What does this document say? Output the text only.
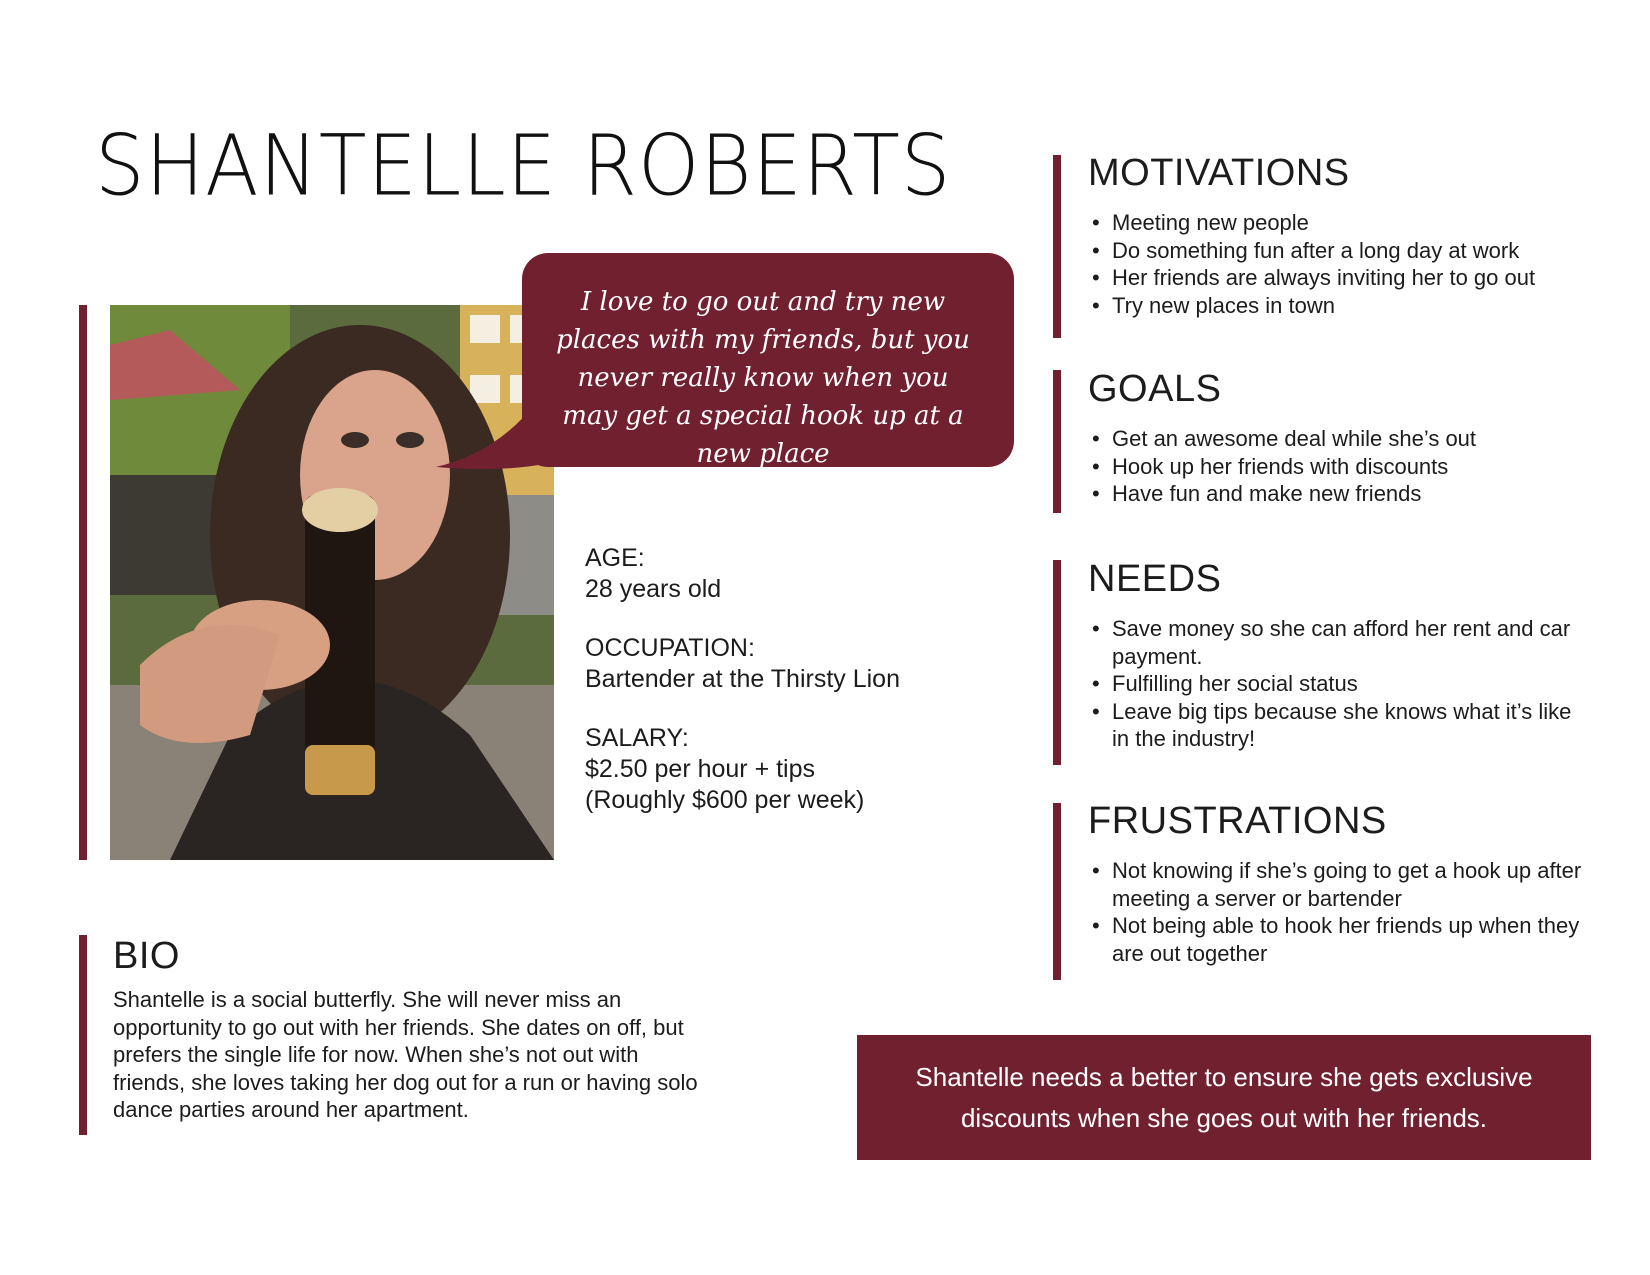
SHANTELLE ROBERTS
I love to go out and try new places with my friends, but you never really know when you may get a special hook up at a new place

AGE:

28 years old

OCCUPATION:

Bartender at the Thirsty Lion

SALARY:

$2.50 per hour + tips

(Roughly $600 per week)

BIO

Shantelle is a social butterfly. She will never miss an opportunity to go out with her friends. She dates on off, but prefers the single life for now. When she’s not out with friends, she loves taking her dog out for a run or having solo dance parties around her apartment.

MOTIVATIONS
• Meeting new people
• Do something fun after a long day at work
• Her friends are always inviting her to go out
• Try new places in town
GOALS
• Get an awesome deal while she’s out
• Hook up her friends with discounts
• Have fun and make new friends
NEEDS
• Save money so she can afford her rent and car payment.
• Fulfilling her social status
• Leave big tips because she knows what it’s like in the industry!
FRUSTRATIONS
• Not knowing if she’s going to get a hook up after meeting a server or bartender
• Not being able to hook her friends up when they are out together
Shantelle needs a better to ensure she gets exclusive discounts when she goes out with her friends.
